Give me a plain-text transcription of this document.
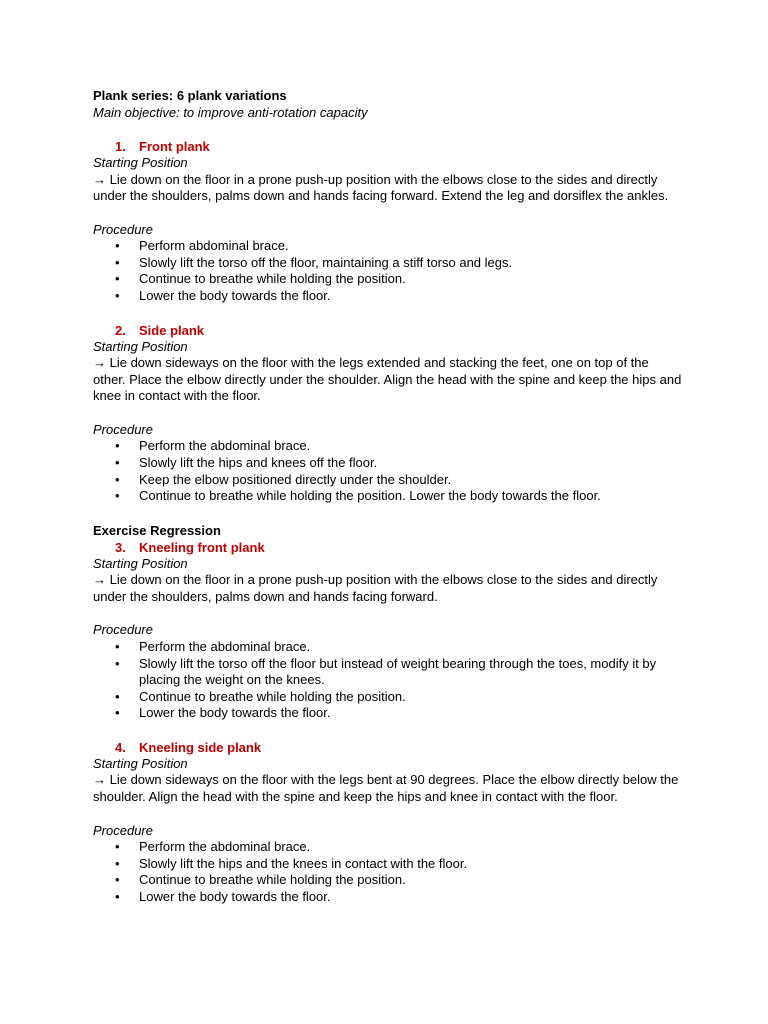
Plank series: 6 plank variations
Main objective: to improve anti-rotation capacity
1. Front plank
Starting Position

→ Lie down on the floor in a prone push-up position with the elbows close to the sides and directly under the shoulders, palms down and hands facing forward. Extend the leg and dorsiflex the ankles.

Procedure
• Perform abdominal brace.
• Slowly lift the torso off the floor, maintaining a stiff torso and legs.
• Continue to breathe while holding the position.
• Lower the body towards the floor.
2. Side plank
Starting Position

→ Lie down sideways on the floor with the legs extended and stacking the feet, one on top of the other. Place the elbow directly under the shoulder. Align the head with the spine and keep the hips and knee in contact with the floor.

Procedure
• Perform the abdominal brace.
• Slowly lift the hips and knees off the floor.
• Keep the elbow positioned directly under the shoulder.
• Continue to breathe while holding the position. Lower the body towards the floor.
Exercise Regression
3. Kneeling front plank
Starting Position

→ Lie down on the floor in a prone push-up position with the elbows close to the sides and directly under the shoulders, palms down and hands facing forward.

Procedure
• Perform the abdominal brace.
• Slowly lift the torso off the floor but instead of weight bearing through the toes, modify it by placing the weight on the knees.
• Continue to breathe while holding the position.
• Lower the body towards the floor.
4. Kneeling side plank
Starting Position

→ Lie down sideways on the floor with the legs bent at 90 degrees. Place the elbow directly below the shoulder. Align the head with the spine and keep the hips and knee in contact with the floor.

Procedure
• Perform the abdominal brace.
• Slowly lift the hips and the knees in contact with the floor.
• Continue to breathe while holding the position.
• Lower the body towards the floor.
